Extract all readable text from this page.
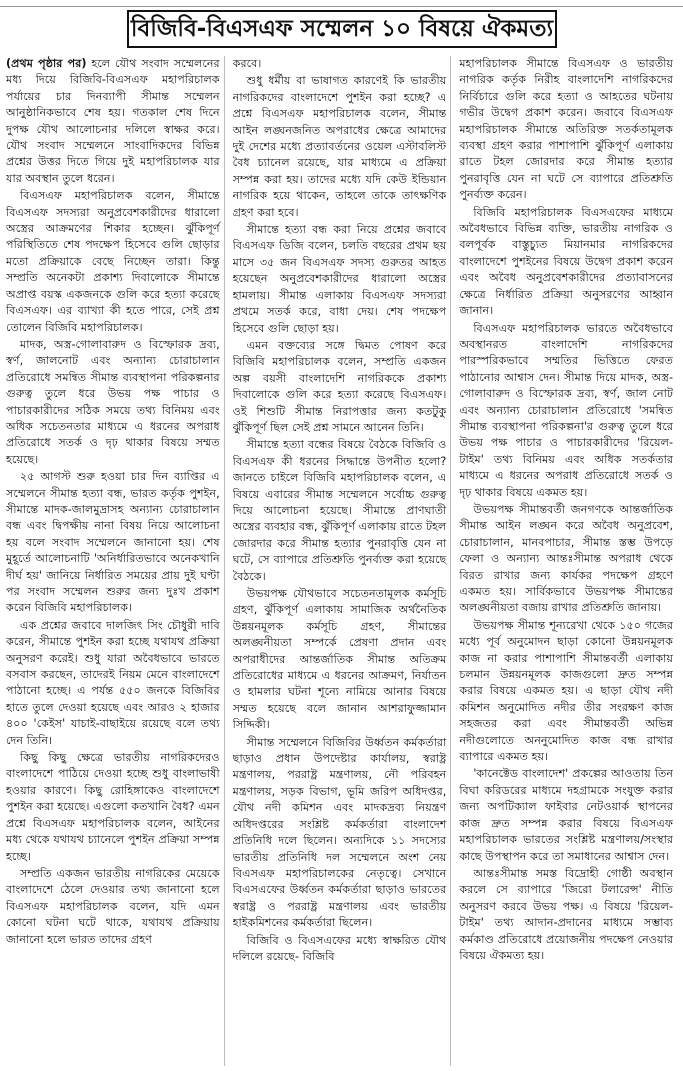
বিজিবি-বিএসএফ সম্মেলন ১০ বিষয়ে ঐকমত্য

(প্রথম পৃষ্ঠার পর) হলে যৌথ সংবাদ সম্মেলনের মধ্য দিয়ে বিজিবি-বিএসএফ মহাপরিচালক পর্যায়ের চার দিনব্যাপী সীমান্ত সম্মেলন আনুষ্ঠানিকভাবে শেষ হয়। গতকাল শেষ দিনে দুপক্ষ যৌথ আলোচনার দলিলে স্বাক্ষর করে। যৌথ সংবাদ সম্মেলনে সাংবাদিকদের বিভিন্ন প্রশ্নের উত্তর দিতে গিয়ে দুই মহাপরিচালক যার যার অবস্থান তুলে ধরেন।

বিএসএফ মহাপরিচালক বলেন, সীমান্তে বিএসএফ সদস্যরা অনুপ্রবেশকারীদের ধারালো অস্ত্রের আক্রমণের শিকার হচ্ছেন। ঝুঁকিপূর্ণ পরিস্থিতিতে শেষ পদক্ষেপ হিসেবে গুলি ছোড়ার মতো প্রক্রিয়াকে বেছে নিচ্ছেন তারা। কিন্তু সম্প্রতি অনেকটা প্রকাশ্য দিবালোকে সীমান্তে অপ্রাপ্ত বয়স্ক একজনকে গুলি করে হত্যা করেছে বিএসএফ। এর ব্যাখ্যা কী হতে পারে, সেই প্রশ্ন তোলেন বিজিবি মহাপরিচালক।

মাদক, অস্ত্র-গোলাবারুদ ও বিস্ফোরক দ্রব্য, স্বর্ণ, জালনোট এবং অন্যান্য চোরাচালান প্রতিরোধে সমন্বিত সীমান্ত ব্যবস্থাপনা পরিকল্পনার গুরুত্ব তুলে ধরে উভয় পক্ষ পাচার ও পাচারকারীদের সঠিক সময়ে তথ্য বিনিময় এবং অধিক সচেতনতার মাধ্যমে এ ধরনের অপরাধ প্রতিরোধে সতর্ক ও দৃঢ় থাকার বিষয়ে সম্মত হয়েছে।

২৫ আগস্ট শুরু হওয়া চার দিন ব্যাপ্তির এ সম্মেলনে সীমান্ত হত্যা বন্ধ, ভারত কর্তৃক পুশইন, সীমান্তে মাদক-জালমুদ্রাসহ অন্যান্য চোরাচালান বন্ধ এবং দ্বিপক্ষীয় নানা বিষয় নিয়ে আলোচনা হয় বলে সংবাদ সম্মেলনে জানানো হয়। শেষ মুহূর্তে আলোচনাটি 'অনির্ধারিতভাবে অনেকখানি দীর্ঘ হয়' জানিয়ে নির্ধারিত সময়ের প্রায় দুই ঘণ্টা পর সংবাদ সম্মেলন শুরুর জন্য দুঃখ প্রকাশ করেন বিজিবি মহাপরিচালক।

এক প্রশ্নের জবাবে দালজিৎ সিং চৌধুরী দাবি করেন, সীমান্তে পুশইন করা হচ্ছে যথাযথ প্রক্রিয়া অনুসরণ করেই। শুধু যারা অবৈধভাবে ভারতে বসবাস করছেন, তাদেরই নিয়ম মেনে বাংলাদেশে পাঠানো হচ্ছে। এ পর্যন্ত ৫৫০ জনকে বিজিবির হাতে তুলে দেওয়া হয়েছে এবং আরও ২ হাজার ৪০০ 'কেইস' যাচাই-বাছাইয়ে রয়েছে বলে তথ্য দেন তিনি।

কিছু কিছু ক্ষেত্রে ভারতীয় নাগরিকদেরও বাংলাদেশে পাঠিয়ে দেওয়া হচ্ছে শুধু বাংলাভাষী হওয়ার কারণে। কিছু রোহিঙ্গাকেও বাংলাদেশে পুশইন করা হয়েছে। এগুলো কতখানি বৈধ? এমন প্রশ্নে বিএসএফ মহাপরিচালক বলেন, আইনের মধ্য থেকে যথাযথ চ্যানেলে পুশইন প্রক্রিয়া সম্পন্ন হচ্ছে।

সম্প্রতি একজন ভারতীয় নাগরিকের মেয়েকে বাংলাদেশে ঠেলে দেওয়ার তথ্য জানানো হলে বিএসএফ মহাপরিচালক বলেন, যদি এমন কোনো ঘটনা ঘটে থাকে, যথাযথ প্রক্রিয়ায় জানানো হলে ভারত তাদের গ্রহণ

করবে।

শুধু ধর্মীয় বা ভাষাগত কারণেই কি ভারতীয় নাগরিকদের বাংলাদেশে পুশইন করা হচ্ছে? এ প্রশ্নে বিএসএফ মহাপরিচালক বলেন, সীমান্ত আইন লঙ্ঘনজনিত অপরাধের ক্ষেত্রে আমাদের দুই দেশের মধ্যে প্রত্যাবর্তনের ওয়েল এস্টাবলিস্ট বৈধ চ্যানেল রয়েছে, যার মাধ্যমে এ প্রক্রিয়া সম্পন্ন করা হয়। তাদের মধ্যে যদি কেউ ইন্ডিয়ান নাগরিক হয়ে থাকেন, তাহলে তাকে তাৎক্ষণিক গ্রহণ করা হবে।

সীমান্তে হত্যা বন্ধ করা নিয়ে প্রশ্নের জবাবে বিএসএফ ডিজি বলেন, চলতি বছরের প্রথম ছয় মাসে ৩৫ জন বিএসএফ সদস্য গুরুতর আহত হয়েছেন অনুপ্রবেশকারীদের ধারালো অস্ত্রের হামলায়। সীমান্ত এলাকায় বিএসএফ সদস্যরা প্রথমে সতর্ক করে, বাধা দেয়। শেষ পদক্ষেপ হিসেবে গুলি ছোড়া হয়।

এমন বক্তব্যের সঙ্গে দ্বিমত পোষণ করে বিজিবি মহাপরিচালক বলেন, সম্প্রতি একজন অল্প বয়সী বাংলাদেশি নাগরিককে প্রকাশ্য দিবালোকে গুলি করে হত্যা করেছে বিএসএফ। ওই শিশুটি সীমান্ত নিরাপত্তার জন্য কতটুকু ঝুঁকিপূর্ণ ছিল সেই প্রশ্ন সামনে আনেন তিনি।

সীমান্তে হত্যা বন্ধের বিষয়ে বৈঠকে বিজিবি ও বিএসএফ কী ধরনের সিদ্ধান্তে উপনীত হলো? জানতে চাইলে বিজিবি মহাপরিচালক বলেন, এ বিষয়ে এবারের সীমান্ত সম্মেলনে সর্বোচ্চ গুরুত্ব দিয়ে আলোচনা হয়েছে। সীমান্তে প্রাণঘাতী অস্ত্রের ব্যবহার বন্ধ, ঝুঁকিপূর্ণ এলাকায় রাতে টহল জোরদার করে সীমান্ত হত্যার পুনরাবৃত্তি যেন না ঘটে, সে ব্যাপারে প্রতিশ্রুতি পুনর্ব্যক্ত করা হয়েছে বৈঠকে।

উভয়পক্ষ যৌথভাবে সচেতনতামূলক কর্মসূচি গ্রহণ, ঝুঁকিপূর্ণ এলাকায় সামাজিক অর্থনৈতিক উন্নয়নমূলক কর্মসূচি গ্রহণ, সীমান্তের অলঙ্ঘনীয়তা সম্পর্কে প্রেষণা প্রদান এবং অপরাধীদের আন্তর্জাতিক সীমান্ত অতিক্রম প্রতিরোধের মাধ্যমে এ ধরনের আক্রমণ, নির্যাতন ও হামলার ঘটনা শূন্যে নামিয়ে আনার বিষয়ে সম্মত হয়েছে বলে জানান আশরাফুজ্জামান সিদ্দিকী।

সীমান্ত সম্মেলনে বিজিবির উর্ধ্বতন কর্মকর্তারা ছাড়াও প্রধান উপদেষ্টার কার্যালয়, স্বরাষ্ট্র মন্ত্রণালয়, পররাষ্ট্র মন্ত্রণালয়, নৌ পরিবহন মন্ত্রণালয়, সড়ক বিভাগ, ভূমি জরিপ অধিদপ্তর, যৌথ নদী কমিশন এবং মাদকদ্রব্য নিয়ন্ত্রণ অধিদপ্তরের সংশ্লিষ্ট কর্মকর্তারা বাংলাদেশ প্রতিনিধি দলে ছিলেন। অন্যদিকে ১১ সদস্যের ভারতীয় প্রতিনিধি দল সম্মেলনে অংশ নেয় বিএসএফ মহাপরিচালকের নেতৃত্বে। সেখানে বিএসএফের উর্ধ্বতন কর্মকর্তারা ছাড়াও ভারতের স্বরাষ্ট্র ও পররাষ্ট্র মন্ত্রণালয় এবং ভারতীয় হাইকমিশনের কর্মকর্তারা ছিলেন।

বিজিবি ও বিএসএফের মধ্যে স্বাক্ষরিত যৌথ দলিলে রয়েছে- বিজিবি

মহাপরিচালক সীমান্তে বিএসএফ ও ভারতীয় নাগরিক কর্তৃক নিরীহ বাংলাদেশি নাগরিকদের নির্বিচারে গুলি করে হত্যা ও আহতের ঘটনায় গভীর উদ্বেগ প্রকাশ করেন। জবাবে বিএসএফ মহাপরিচালক সীমান্তে অতিরিক্ত সতর্কতামূলক ব্যবস্থা গ্রহণ করার পাশাপাশি ঝুঁকিপূর্ণ এলাকায় রাতে টহল জোরদার করে সীমান্ত হত্যার পুনরাবৃত্তি যেন না ঘটে সে ব্যাপারে প্রতিশ্রুতি পুনর্ব্যক্ত করেন।

বিজিবি মহাপরিচালক বিএসএফের মাধ্যমে অবৈধভাবে বিভিন্ন ব্যক্তি, ভারতীয় নাগরিক ও বলপূর্বক বাস্তুচ্যুত মিয়ানমার নাগরিকদের বাংলাদেশে পুশইনের বিষয়ে উদ্বেগ প্রকাশ করেন এবং অবৈধ অনুপ্রবেশকারীদের প্রত্যাবাসনের ক্ষেত্রে নির্ধারিত প্রক্রিয়া অনুসরণের আহ্বান জানান।

বিএসএফ মহাপরিচালক ভারতে অবৈধভাবে অবস্থানরত বাংলাদেশি নাগরিকদের পারস্পরিকভাবে সম্মতির ভিত্তিতে ফেরত পাঠানোর আশ্বাস দেন। সীমান্ত দিয়ে মাদক, অস্ত্র-গোলাবারুদ ও বিস্ফোরক দ্রব্য, স্বর্ণ, জাল নোট এবং অন্যান্য চোরাচালান প্রতিরোধে 'সমন্বিত সীমান্ত ব্যবস্থাপনা পরিকল্পনা'র গুরুত্ব তুলে ধরে উভয় পক্ষ পাচার ও পাচারকারীদের 'রিয়েল-টাইম' তথ্য বিনিময় এবং অধিক সতর্কতার মাধ্যমে এ ধরনের অপরাধ প্রতিরোধে সতর্ক ও দৃঢ় থাকার বিষয়ে একমত হয়।

উভয়পক্ষ সীমান্তবর্তী জনগণকে আন্তর্জাতিক সীমান্ত আইন লঙ্ঘন করে অবৈধ অনুপ্রবেশ, চোরাচালান, মানবপাচার, সীমান্ত স্তম্ভ উপড়ে ফেলা ও অন্যান্য আন্তঃসীমান্ত অপরাধ থেকে বিরত রাখার জন্য কার্যকর পদক্ষেপ গ্রহণে একমত হয়। সার্বিকভাবে উভয়পক্ষ সীমান্তের অলঙ্ঘনীয়তা বজায় রাখার প্রতিশ্রুতি জানায়।

উভয়পক্ষ সীমান্ত শূন্যরেখা থেকে ১৫০ গজের মধ্যে পূর্ব অনুমোদন ছাড়া কোনো উন্নয়নমূলক কাজ না করার পাশাপাশি সীমান্তবর্তী এলাকায় চলমান উন্নয়নমূলক কাজগুলো দ্রুত সম্পন্ন করার বিষয়ে একমত হয়। এ ছাড়া যৌথ নদী কমিশন অনুমোদিত নদীর তীর সংরক্ষণ কাজ সহজতর করা এবং সীমান্তবর্তী অভিন্ন নদীগুলোতে অননুমোদিত কাজ বন্ধ রাখার ব্যাপারে একমত হয়।

'কানেক্টেড বাংলাদেশ' প্রকল্পের আওতায় তিন বিঘা করিডরের মাধ্যমে দহগ্রামকে সংযুক্ত করার জন্য অপটিক্যাল ফাইবার নেটওয়ার্ক স্থাপনের কাজ দ্রুত সম্পন্ন করার বিষয়ে বিএসএফ মহাপরিচালক ভারতের সংশ্লিষ্ট মন্ত্রণালয়/সংস্থার কাছে উপস্থাপন করে তা সমাধানের আশ্বাস দেন।

আন্তঃসীমান্ত সমস্ত বিদ্রোহী গোষ্ঠী অবস্থান করলে সে ব্যাপারে 'জিরো টলারেন্স' নীতি অনুসরণ করবে উভয় পক্ষ। এ বিষয়ে 'রিয়েল-টাইম' তথ্য আদান-প্রদানের মাধ্যমে সম্ভাব্য কর্মকাণ্ড প্রতিরোধে প্রয়োজনীয় পদক্ষেপ নেওয়ার বিষয়ে ঐকমত্য হয়।
